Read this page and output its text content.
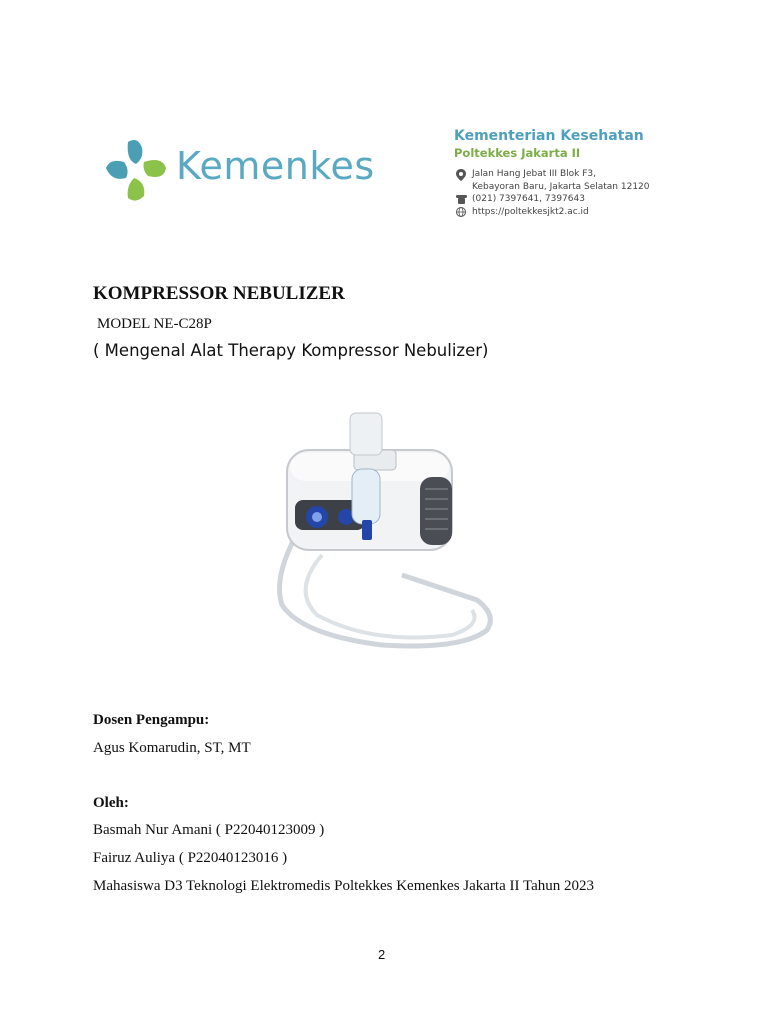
Kemenkes
Kementerian Kesehatan
Poltekkes Jakarta II
Jalan Hang Jebat III Blok F3,
Kebayoran Baru, Jakarta Selatan 12120
(021) 7397641, 7397643
https://poltekkesjkt2.ac.id
KOMPRESSOR NEBULIZER
MODEL NE-C28P
( Mengenal Alat Therapy Kompressor Nebulizer)
Dosen Pengampu:
Agus Komarudin, ST, MT
Oleh:
Basmah Nur Amani ( P22040123009 )
Fairuz Auliya ( P22040123016 )
Mahasiswa D3 Teknologi Elektromedis Poltekkes Kemenkes Jakarta II Tahun 2023
2
